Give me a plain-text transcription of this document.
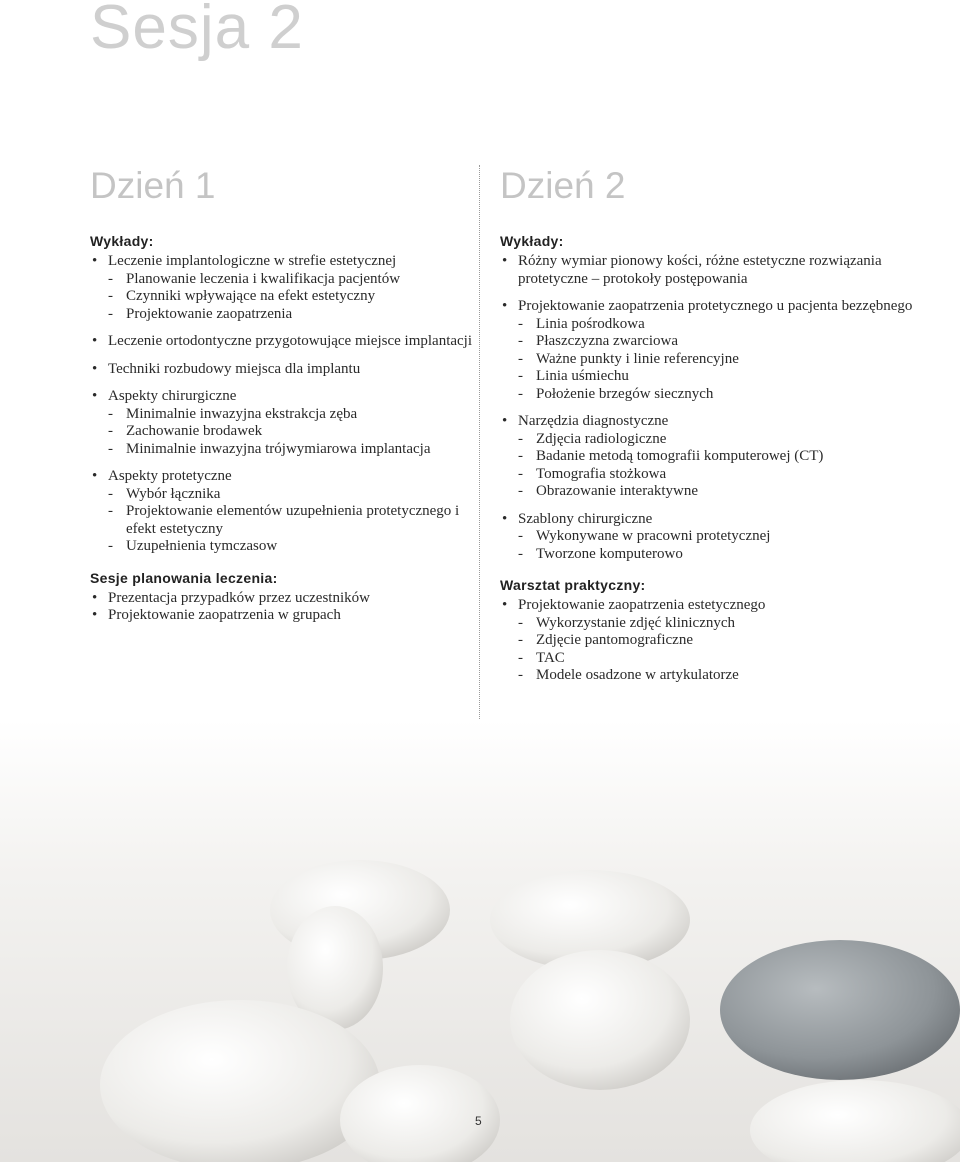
Sesja 2
Dzień 1
Wykłady:
• Leczenie implantologiczne w strefie estetycznej
- Planowanie leczenia i kwalifikacja pacjentów
- Czynniki wpływające na efekt estetyczny
- Projektowanie zaopatrzenia
• Leczenie ortodontyczne przygotowujące miejsce implantacji
• Techniki rozbudowy miejsca dla implantu
• Aspekty chirurgiczne
- Minimalnie inwazyjna ekstrakcja zęba
- Zachowanie brodawek
- Minimalnie inwazyjna trójwymiarowa implantacja
• Aspekty protetyczne
- Wybór łącznika
- Projektowanie elementów uzupełnienia protetycznego i efekt estetyczny
- Uzupełnienia tymczasow
Sesje planowania leczenia:
• Prezentacja przypadków przez uczestników
• Projektowanie zaopatrzenia w grupach
Dzień 2
Wykłady:
• Różny wymiar pionowy kości, różne estetyczne rozwiązania protetyczne – protokoły postępowania
• Projektowanie zaopatrzenia protetycznego u pacjenta bezzębnego
- Linia pośrodkowa
- Płaszczyzna zwarciowa
- Ważne punkty i linie referencyjne
- Linia uśmiechu
- Położenie brzegów siecznych
• Narzędzia diagnostyczne
- Zdjęcia radiologiczne
- Badanie metodą tomografii komputerowej (CT)
- Tomografia stożkowa
- Obrazowanie interaktywne
• Szablony chirurgiczne
- Wykonywane w pracowni protetycznej
- Tworzone komputerowo
Warsztat praktyczny:
• Projektowanie zaopatrzenia estetycznego
- Wykorzystanie zdjęć klinicznych
- Zdjęcie pantomograficzne
- TAC
- Modele osadzone w artykulatorze
5
